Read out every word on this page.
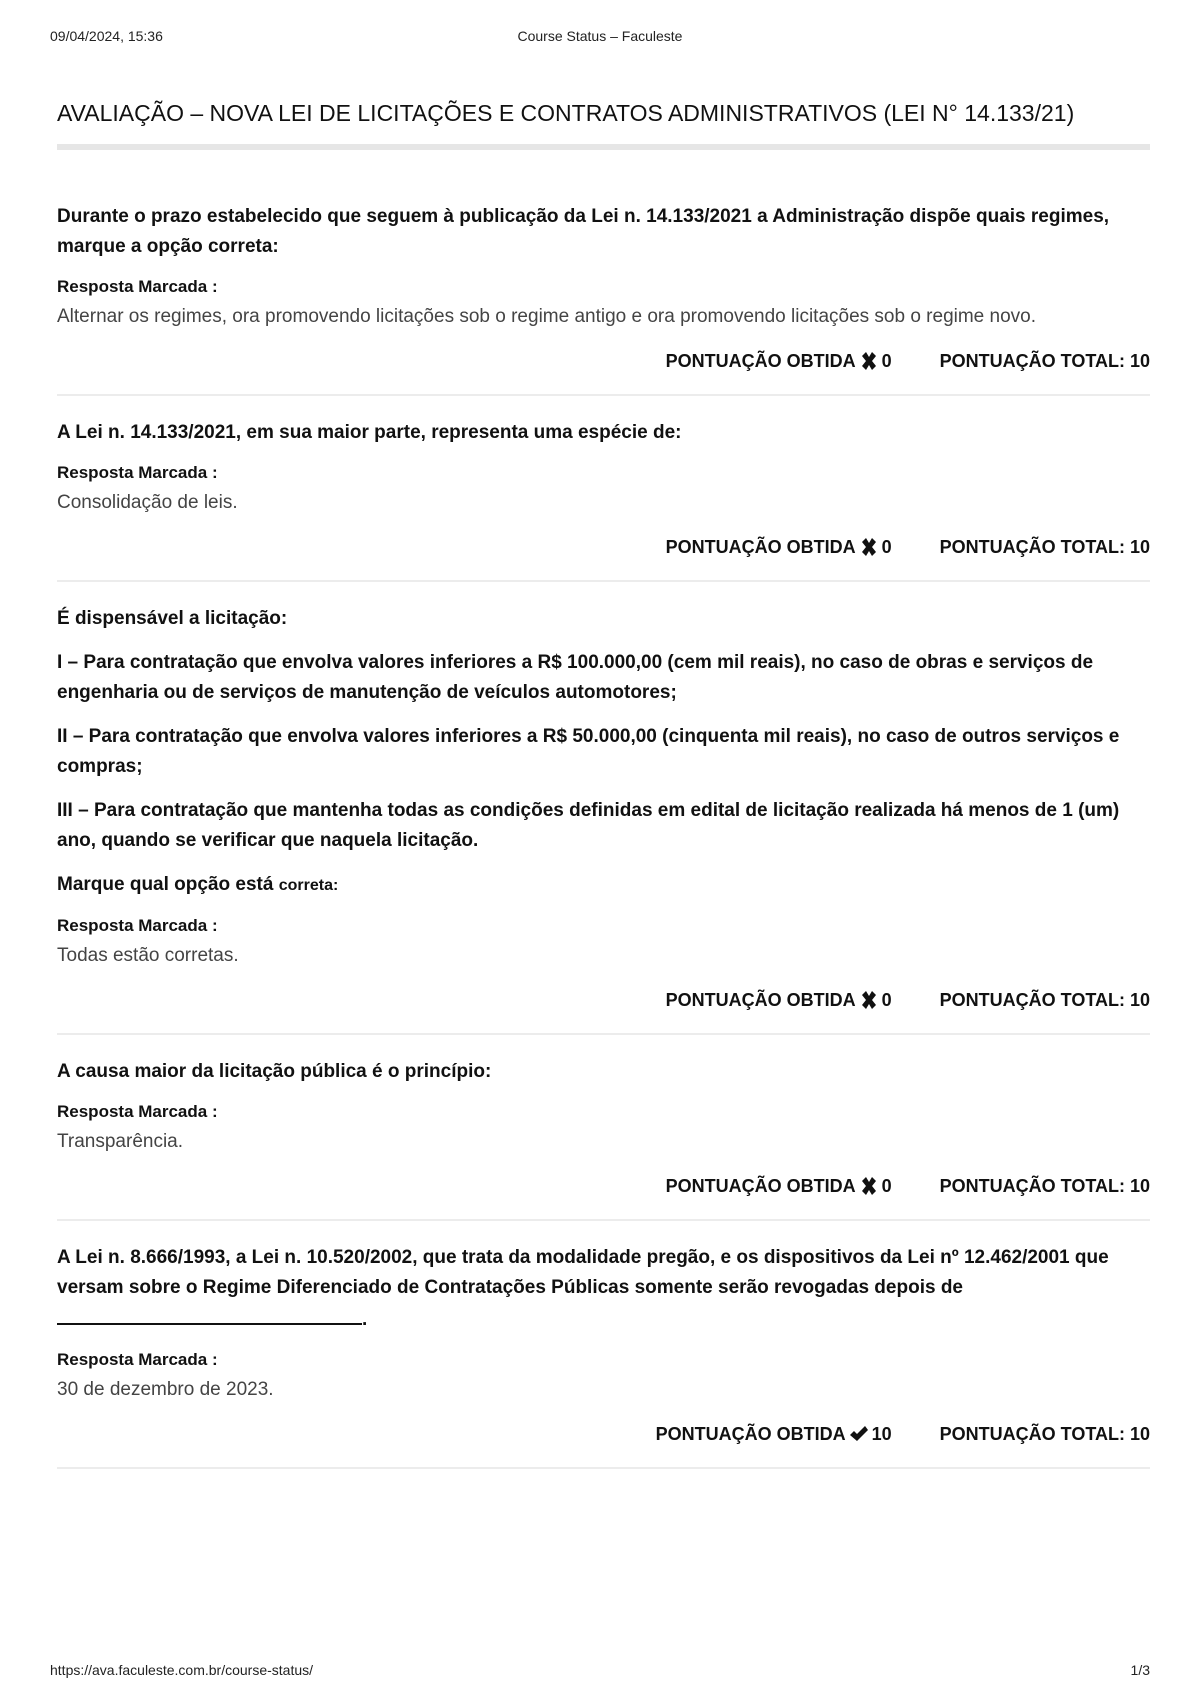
09/04/2024, 15:36	Course Status – Faculeste
AVALIAÇÃO – NOVA LEI DE LICITAÇÕES E CONTRATOS ADMINISTRATIVOS (LEI N° 14.133/21)

Durante o prazo estabelecido que seguem à publicação da Lei n. 14.133/2021 a Administração dispõe quais regimes, marque a opção correta:

Resposta Marcada :
Alternar os regimes, ora promovendo licitações sob o regime antigo e ora promovendo licitações sob o regime novo.
PONTUAÇÃO OBTIDA 0	PONTUAÇÃO TOTAL: 10

A Lei n. 14.133/2021, em sua maior parte, representa uma espécie de:

Resposta Marcada :
Consolidação de leis.
PONTUAÇÃO OBTIDA 0	PONTUAÇÃO TOTAL: 10

É dispensável a licitação:

I – Para contratação que envolva valores inferiores a R$ 100.000,00 (cem mil reais), no caso de obras e serviços de engenharia ou de serviços de manutenção de veículos automotores;

II – Para contratação que envolva valores inferiores a R$ 50.000,00 (cinquenta mil reais), no caso de outros serviços e compras;

III – Para contratação que mantenha todas as condições definidas em edital de licitação realizada há menos de 1 (um) ano, quando se verificar que naquela licitação.

Marque qual opção está correta:

Resposta Marcada :
Todas estão corretas.
PONTUAÇÃO OBTIDA 0	PONTUAÇÃO TOTAL: 10

A causa maior da licitação pública é o princípio:

Resposta Marcada :
Transparência.
PONTUAÇÃO OBTIDA 0	PONTUAÇÃO TOTAL: 10

A Lei n. 8.666/1993, a Lei n. 10.520/2002, que trata da modalidade pregão, e os dispositivos da Lei nº 12.462/2001 que versam sobre o Regime Diferenciado de Contratações Públicas somente serão revogadas depois de .

Resposta Marcada :
30 de dezembro de 2023.
PONTUAÇÃO OBTIDA 10	PONTUAÇÃO TOTAL: 10
https://ava.faculeste.com.br/course-status/	1/3
